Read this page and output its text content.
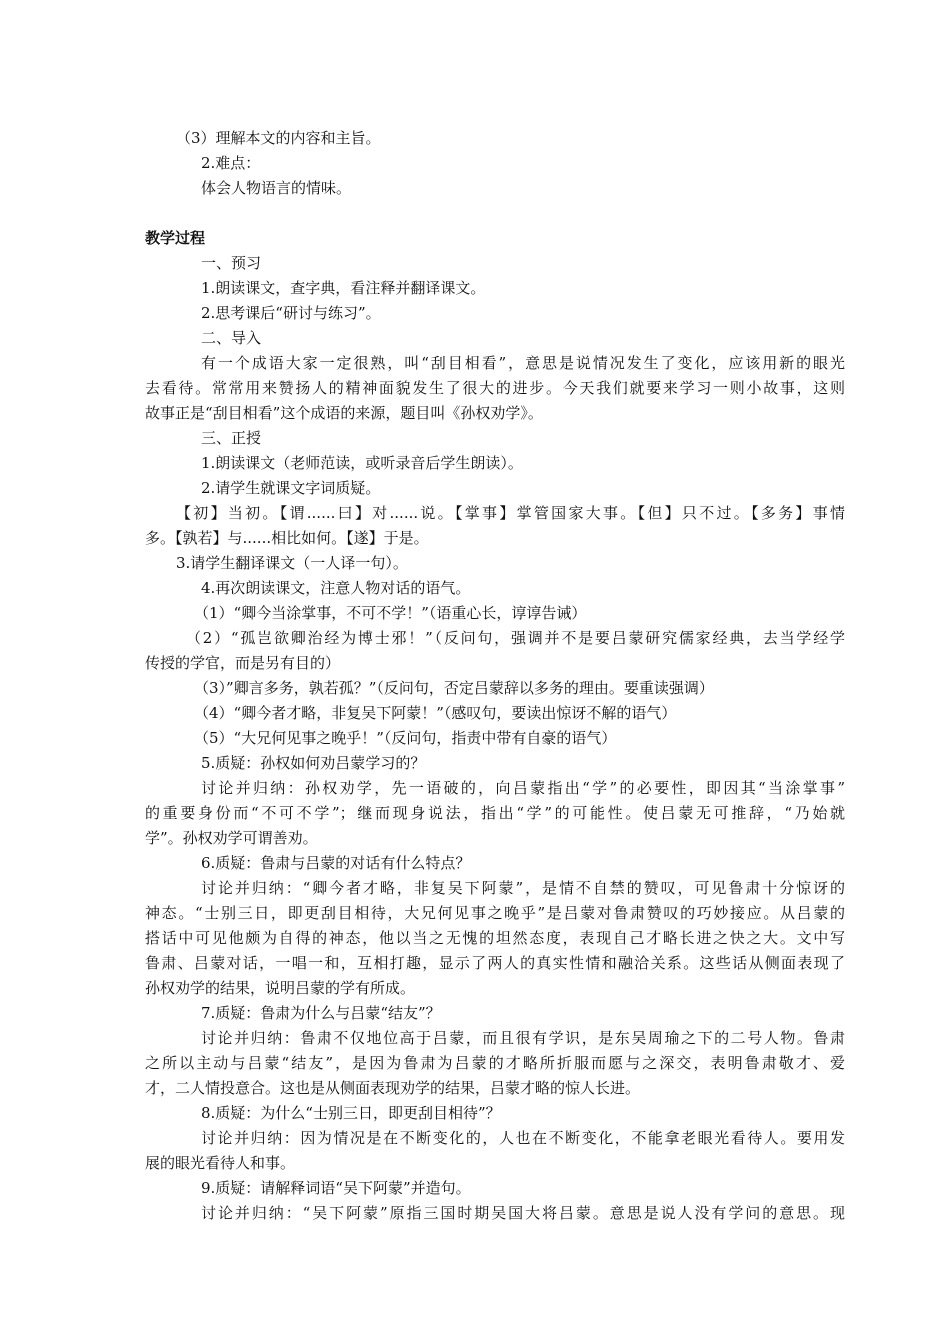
（3）理解本文的内容和主旨。
2.难点：
体会人物语言的情味。
教学过程
一、预习
1.朗读课文，查字典，看注释并翻译课文。
2.思考课后“研讨与练习”。
二、导入
有一个成语大家一定很熟，叫“刮目相看”，意思是说情况发生了变化，应该用新的眼光
去看待。常常用来赞扬人的精神面貌发生了很大的进步。今天我们就要来学习一则小故事，这则
故事正是“刮目相看”这个成语的来源，题目叫《孙权劝学》。
三、正授
1.朗读课文（老师范读，或听录音后学生朗读）。
2.请学生就课文字词质疑。
【初】当初。【谓......曰】对......说。【掌事】掌管国家大事。【但】只不过。【多务】事情
多。【孰若】与......相比如何。【遂】于是。
3.请学生翻译课文（一人译一句）。
4.再次朗读课文，注意人物对话的语气。
（1）“卿今当涂掌事，不可不学！”（语重心长，谆谆告诫）
（2）“孤岂欲卿治经为博士邪！”（反问句，强调并不是要吕蒙研究儒家经典，去当学经学
传授的学官，而是另有目的）
（3）”卿言多务，孰若孤？”（反问句，否定吕蒙辞以多务的理由。要重读强调）
（4）“卿今者才略，非复吴下阿蒙！”（感叹句，要读出惊讶不解的语气）
（5）“大兄何见事之晚乎！”（反问句，指责中带有自豪的语气）
5.质疑：孙权如何劝吕蒙学习的？
讨论并归纳：孙权劝学，先一语破的，向吕蒙指出“学”的必要性，即因其“当涂掌事”
的重要身份而“不可不学”；继而现身说法，指出“学”的可能性。使吕蒙无可推辞，“乃始就
学”。孙权劝学可谓善劝。
6.质疑：鲁肃与吕蒙的对话有什么特点？
讨论并归纳：“卿今者才略，非复吴下阿蒙”，是情不自禁的赞叹，可见鲁肃十分惊讶的
神态。“士别三日，即更刮目相待，大兄何见事之晚乎”是吕蒙对鲁肃赞叹的巧妙接应。从吕蒙的
搭话中可见他颇为自得的神态，他以当之无愧的坦然态度，表现自己才略长进之快之大。文中写
鲁肃、吕蒙对话，一唱一和，互相打趣，显示了两人的真实性情和融洽关系。这些话从侧面表现了
孙权劝学的结果，说明吕蒙的学有所成。
7.质疑：鲁肃为什么与吕蒙“结友”？
讨论并归纳：鲁肃不仅地位高于吕蒙，而且很有学识，是东吴周瑜之下的二号人物。鲁肃
之所以主动与吕蒙“结友”，是因为鲁肃为吕蒙的才略所折服而愿与之深交，表明鲁肃敬才、爱
才，二人情投意合。这也是从侧面表现劝学的结果，吕蒙才略的惊人长进。
8.质疑：为什么“士别三日，即更刮目相待”？
讨论并归纳：因为情况是在不断变化的，人也在不断变化，不能拿老眼光看待人。要用发
展的眼光看待人和事。
9.质疑：请解释词语“吴下阿蒙”并造句。
讨论并归纳：“吴下阿蒙”原指三国时期吴国大将吕蒙。意思是说人没有学问的意思。现
